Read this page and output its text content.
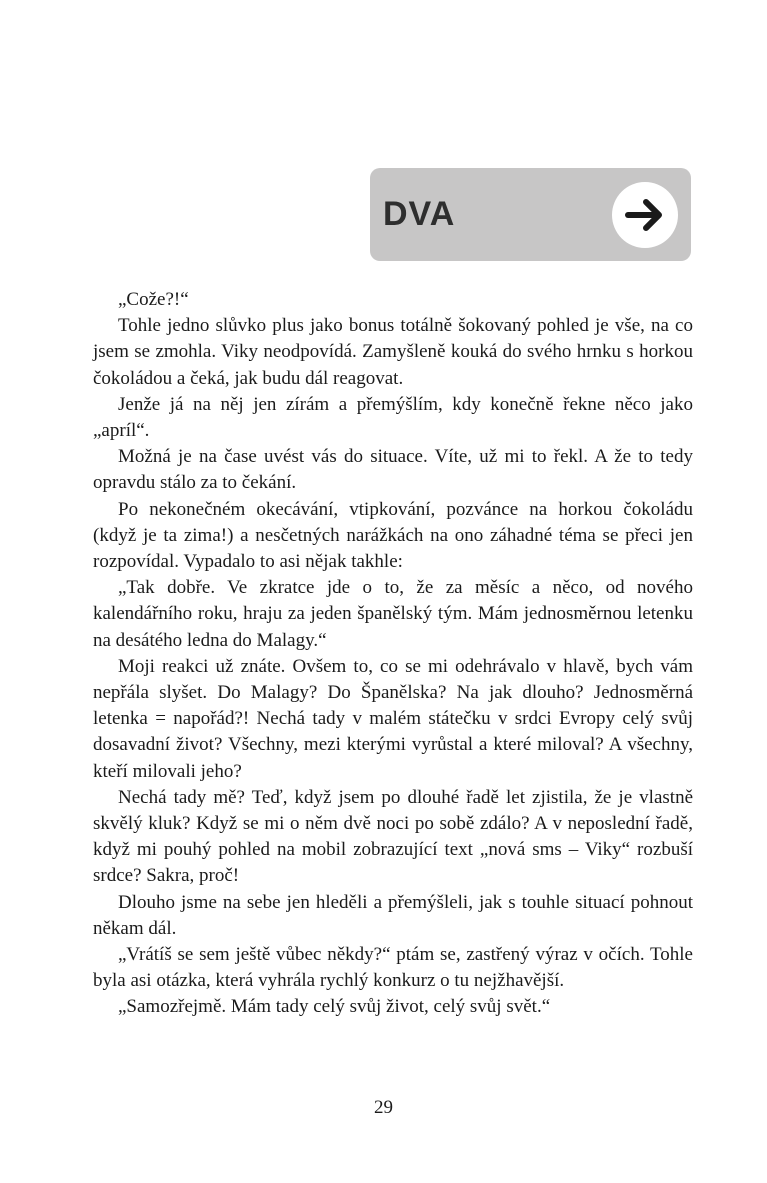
DVA

„Cože?!“

Tohle jedno slůvko plus jako bonus totálně šokovaný pohled je vše, na co jsem se zmohla. Viky neodpovídá. Zamyšleně kouká do svého hrnku s horkou čokoládou a čeká, jak budu dál reagovat.

Jenže já na něj jen zírám a přemýšlím, kdy konečně řekne něco jako „apríl“.

Možná je na čase uvést vás do situace. Víte, už mi to řekl. A že to tedy opravdu stálo za to čekání.

Po nekonečném okecávání, vtipkování, pozvánce na horkou čokoládu (když je ta zima!) a nesčetných narážkách na ono záhadné téma se přeci jen rozpovídal. Vypadalo to asi nějak takhle:

„Tak dobře. Ve zkratce jde o to, že za měsíc a něco, od nového kalendářního roku, hraju za jeden španělský tým. Mám jednosměrnou letenku na desátého ledna do Malagy.“

Moji reakci už znáte. Ovšem to, co se mi odehrávalo v hlavě, bych vám nepřála slyšet. Do Malagy? Do Španělska? Na jak dlouho? Jednosměrná letenka = napořád?! Nechá tady v malém státečku v srdci Evropy celý svůj dosavadní život? Všechny, mezi kterými vyrůstal a které miloval? A všechny, kteří milovali jeho?

Nechá tady mě? Teď, když jsem po dlouhé řadě let zjistila, že je vlastně skvělý kluk? Když se mi o něm dvě noci po sobě zdálo? A v neposlední řadě, když mi pouhý pohled na mobil zobrazující text „nová sms – Viky“ rozbuší srdce? Sakra, proč!

Dlouho jsme na sebe jen hleděli a přemýšleli, jak s touhle situací pohnout někam dál.

„Vrátíš se sem ještě vůbec někdy?“ ptám se, zastřený výraz v očích. Tohle byla asi otázka, která vyhrála rychlý konkurz o tu nejžhavější.

„Samozřejmě. Mám tady celý svůj život, celý svůj svět.“

29
